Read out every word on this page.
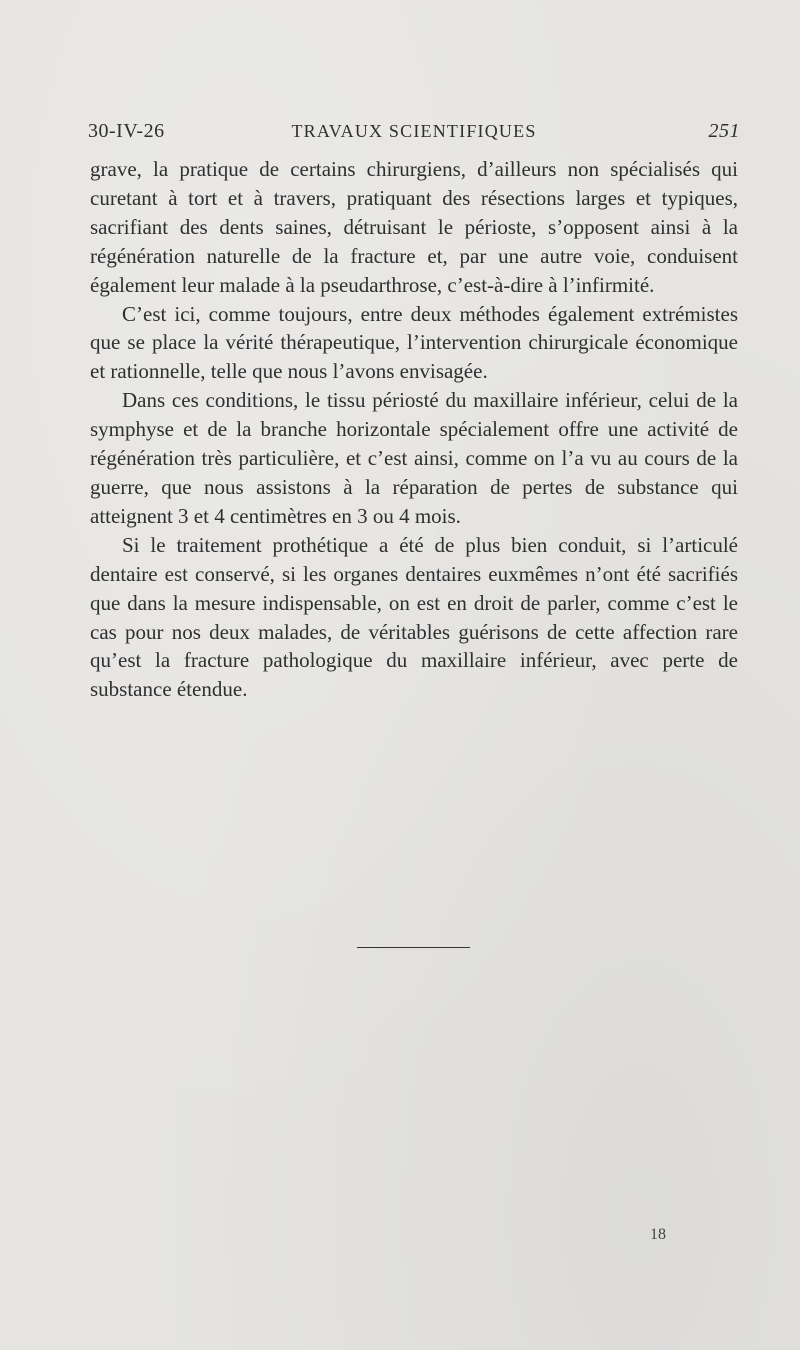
30-IV-26	TRAVAUX SCIENTIFIQUES	251

grave, la pratique de certains chirurgiens, d’ailleurs non spécialisés qui curetant à tort et à travers, pratiquant des résections larges et typiques, sacrifiant des dents saines, détruisant le périoste, s’opposent ainsi à la régénération naturelle de la fracture et, par une autre voie, conduisent également leur malade à la pseudarthrose, c’est-à-dire à l’infirmité.

C’est ici, comme toujours, entre deux méthodes également extrémistes que se place la vérité thérapeutique, l’intervention chirurgicale économique et rationnelle, telle que nous l’avons envisagée.

Dans ces conditions, le tissu périosté du maxillaire inférieur, celui de la symphyse et de la branche horizontale spécialement offre une activité de régénération très particulière, et c’est ainsi, comme on l’a vu au cours de la guerre, que nous assistons à la réparation de pertes de substance qui atteignent 3 et 4 centimètres en 3 ou 4 mois.

Si le traitement prothétique a été de plus bien conduit, si l’articulé dentaire est conservé, si les organes dentaires euxmêmes n’ont été sacrifiés que dans la mesure indispensable, on est en droit de parler, comme c’est le cas pour nos deux malades, de véritables guérisons de cette affection rare qu’est la fracture pathologique du maxillaire inférieur, avec perte de substance étendue.

18
